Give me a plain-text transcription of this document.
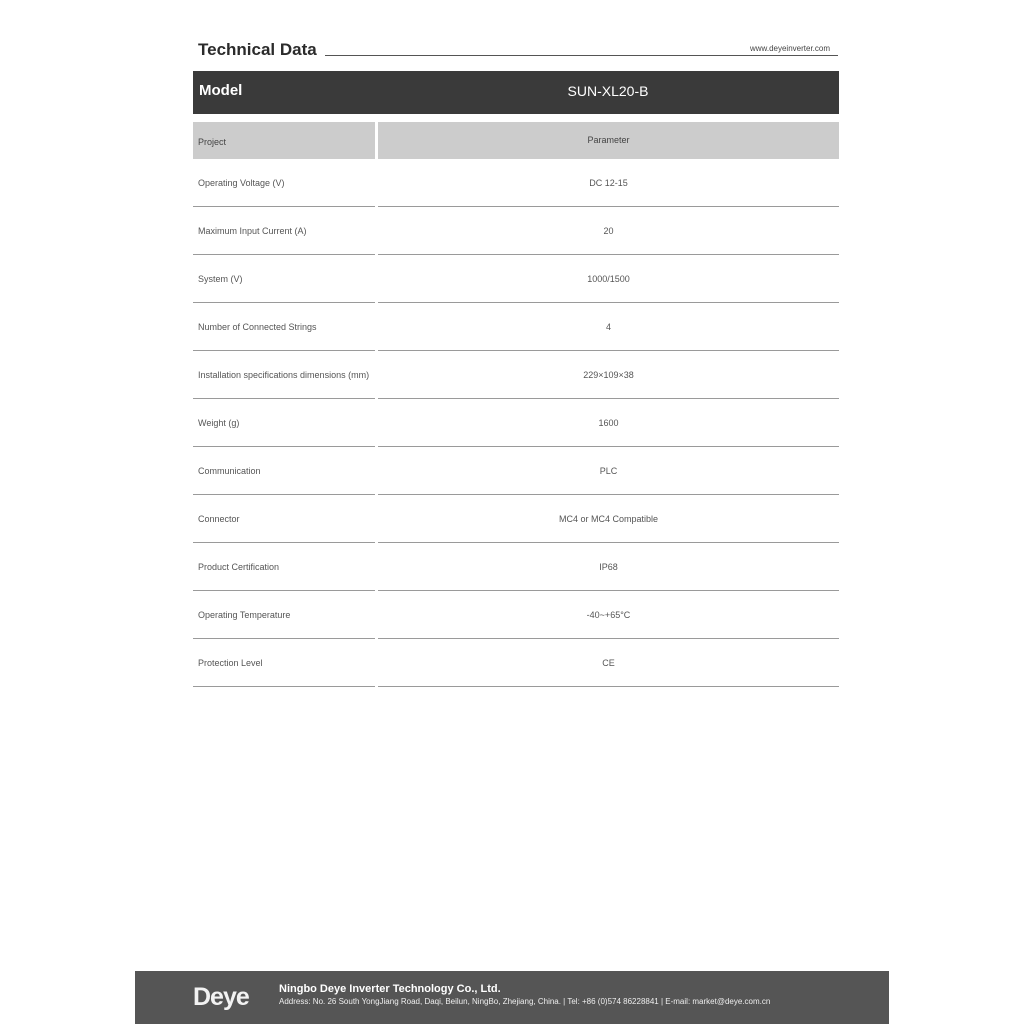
Technical Data	www.deyeinverter.com
Model	SUN-XL20-B
Project	Parameter
Operating Voltage (V)	DC 12-15
Maximum Input Current (A)	20
System (V)	1000/1500
Number of Connected Strings	4
Installation specifications dimensions (mm)	229×109×38
Weight (g)	1600
Communication	PLC
Connector	MC4 or MC4 Compatible
Product Certification	IP68
Operating Temperature	-40~+65°C
Protection Level	CE
Deye	Ningbo Deye Inverter Technology Co., Ltd.
Address: No. 26 South YongJiang Road, Daqi, Beilun, NingBo, Zhejiang, China. | Tel: +86 (0)574 86228841 | E-mail: market@deye.com.cn
